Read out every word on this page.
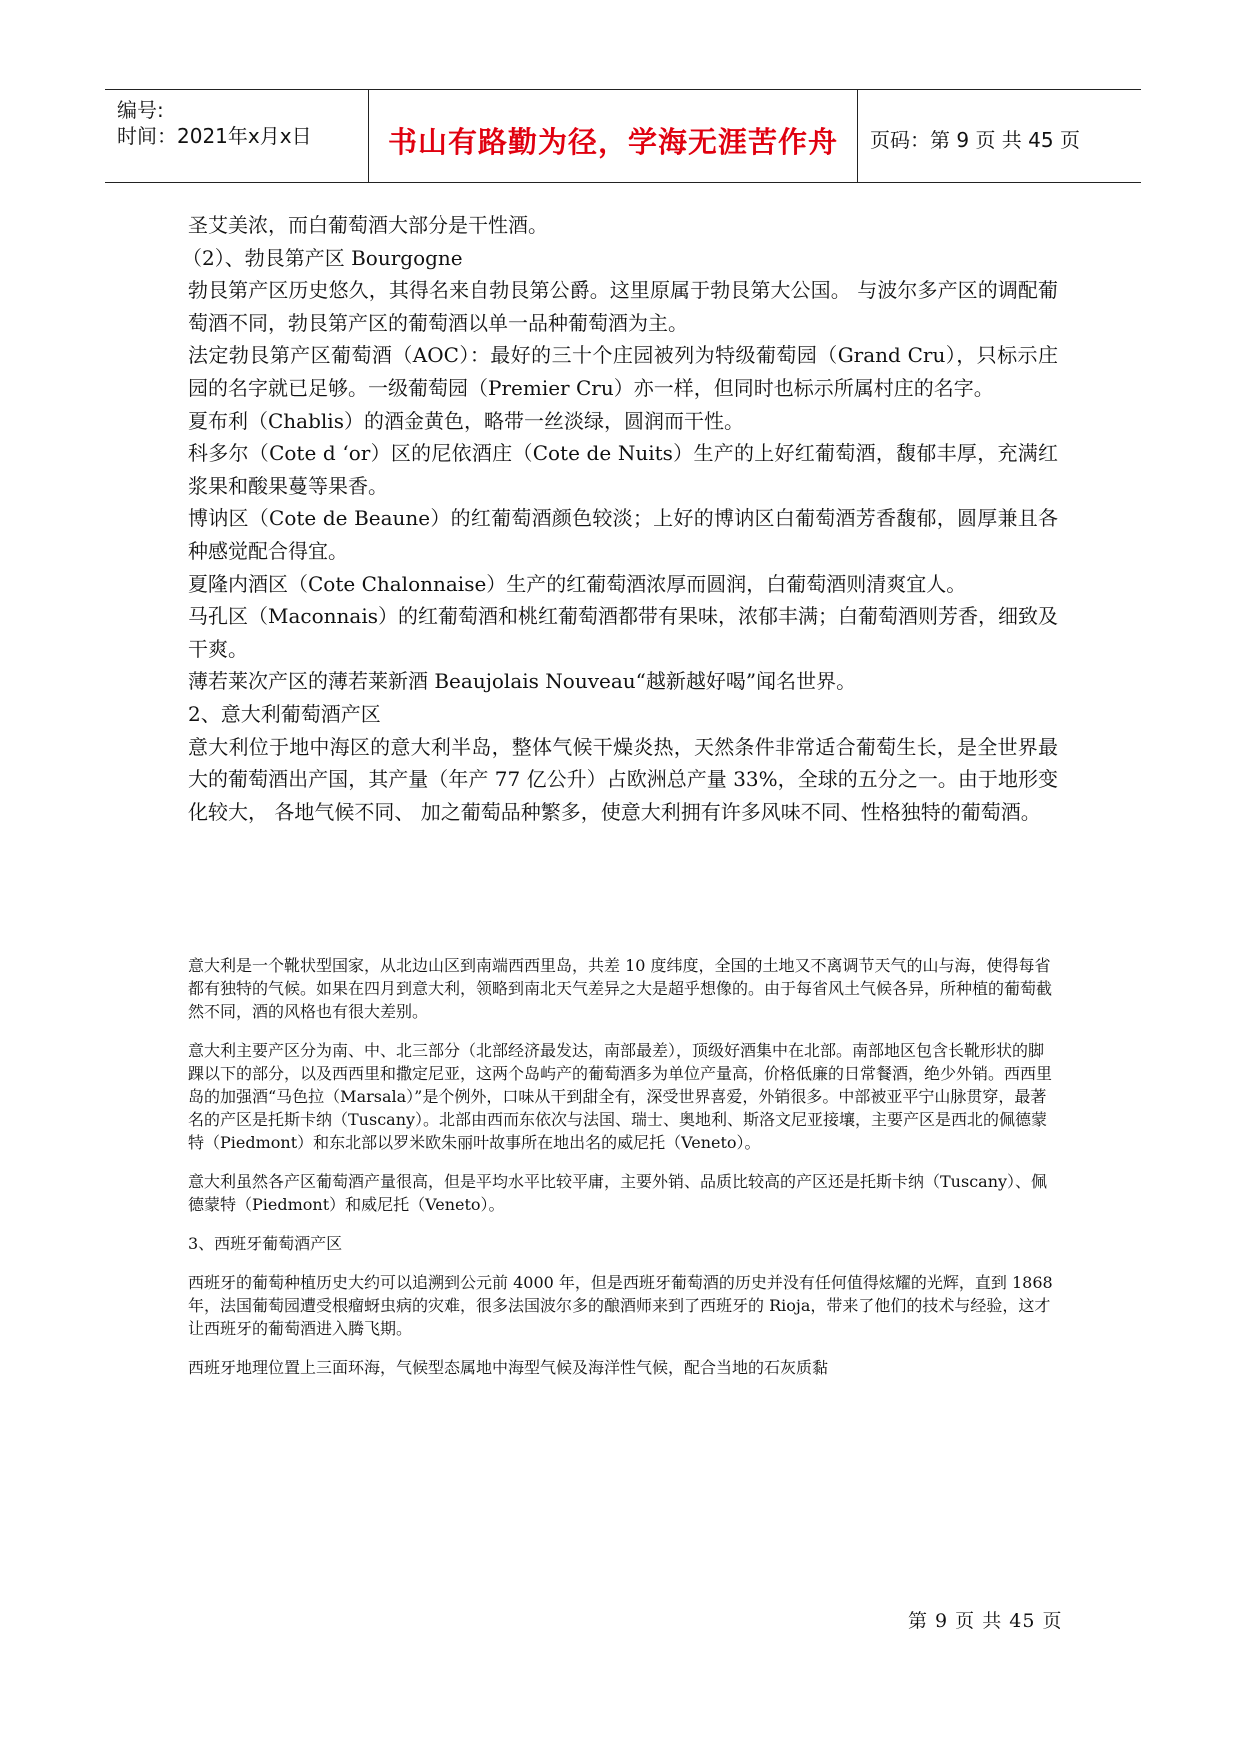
编号:
时间：2021年x月x日	书山有路勤为径，学海无涯苦作舟	页码：第 9 页 共 45 页

圣艾美浓，而白葡萄酒大部分是干性酒。

（2）、勃艮第产区 Bourgogne

勃艮第产区历史悠久，其得名来自勃艮第公爵。这里原属于勃艮第大公国。 与波尔多产区的调配葡萄酒不同，勃艮第产区的葡萄酒以单一品种葡萄酒为主。

法定勃艮第产区葡萄酒（AOC）：最好的三十个庄园被列为特级葡萄园（Grand Cru），只标示庄园的名字就已足够。一级葡萄园（Premier Cru）亦一样，但同时也标示所属村庄的名字。

夏布利（Chablis）的酒金黄色，略带一丝淡绿，圆润而干性。

科多尔（Cote d ‘or）区的尼依酒庄（Cote de Nuits）生产的上好红葡萄酒，馥郁丰厚，充满红浆果和酸果蔓等果香。

博讷区（Cote de Beaune）的红葡萄酒颜色较淡；上好的博讷区白葡萄酒芳香馥郁，圆厚兼且各种感觉配合得宜。

夏隆内酒区（Cote Chalonnaise）生产的红葡萄酒浓厚而圆润，白葡萄酒则清爽宜人。

马孔区（Maconnais）的红葡萄酒和桃红葡萄酒都带有果味，浓郁丰满；白葡萄酒则芳香，细致及干爽。

薄若莱次产区的薄若莱新酒 Beaujolais Nouveau“越新越好喝”闻名世界。

2、意大利葡萄酒产区

意大利位于地中海区的意大利半岛，整体气候干燥炎热，天然条件非常适合葡萄生长，是全世界最大的葡萄酒出产国，其产量（年产 77 亿公升）占欧洲总产量 33%，全球的五分之一。由于地形变化较大， 各地气候不同、 加之葡萄品种繁多，使意大利拥有许多风味不同、性格独特的葡萄酒。

意大利是一个靴状型国家，从北边山区到南端西西里岛，共差 10 度纬度，全国的土地又不离调节天气的山与海，使得每省都有独特的气候。如果在四月到意大利，领略到南北天气差异之大是超乎想像的。由于每省风土气候各异，所种植的葡萄截然不同，酒的风格也有很大差别。

意大利主要产区分为南、中、北三部分（北部经济最发达，南部最差），顶级好酒集中在北部。南部地区包含长靴形状的脚踝以下的部分，以及西西里和撒定尼亚，这两个岛屿产的葡萄酒多为单位产量高，价格低廉的日常餐酒，绝少外销。西西里岛的加强酒“马色拉（Marsala）”是个例外，口味从干到甜全有，深受世界喜爱，外销很多。中部被亚平宁山脉贯穿，最著名的产区是托斯卡纳（Tuscany）。北部由西而东依次与法国、瑞士、奥地利、斯洛文尼亚接壤，主要产区是西北的佩德蒙特（Piedmont）和东北部以罗米欧朱丽叶故事所在地出名的威尼托（Veneto）。

意大利虽然各产区葡萄酒产量很高，但是平均水平比较平庸，主要外销、品质比较高的产区还是托斯卡纳（Tuscany）、佩德蒙特（Piedmont）和威尼托（Veneto）。

3、西班牙葡萄酒产区

西班牙的葡萄种植历史大约可以追溯到公元前 4000 年，但是西班牙葡萄酒的历史并没有任何值得炫耀的光辉，直到 1868 年，法国葡萄园遭受根瘤蚜虫病的灾难，很多法国波尔多的酿酒师来到了西班牙的 Rioja，带来了他们的技术与经验，这才让西班牙的葡萄酒进入腾飞期。

西班牙地理位置上三面环海，气候型态属地中海型气候及海洋性气候，配合当地的石灰质黏

第 9 页 共 45 页
